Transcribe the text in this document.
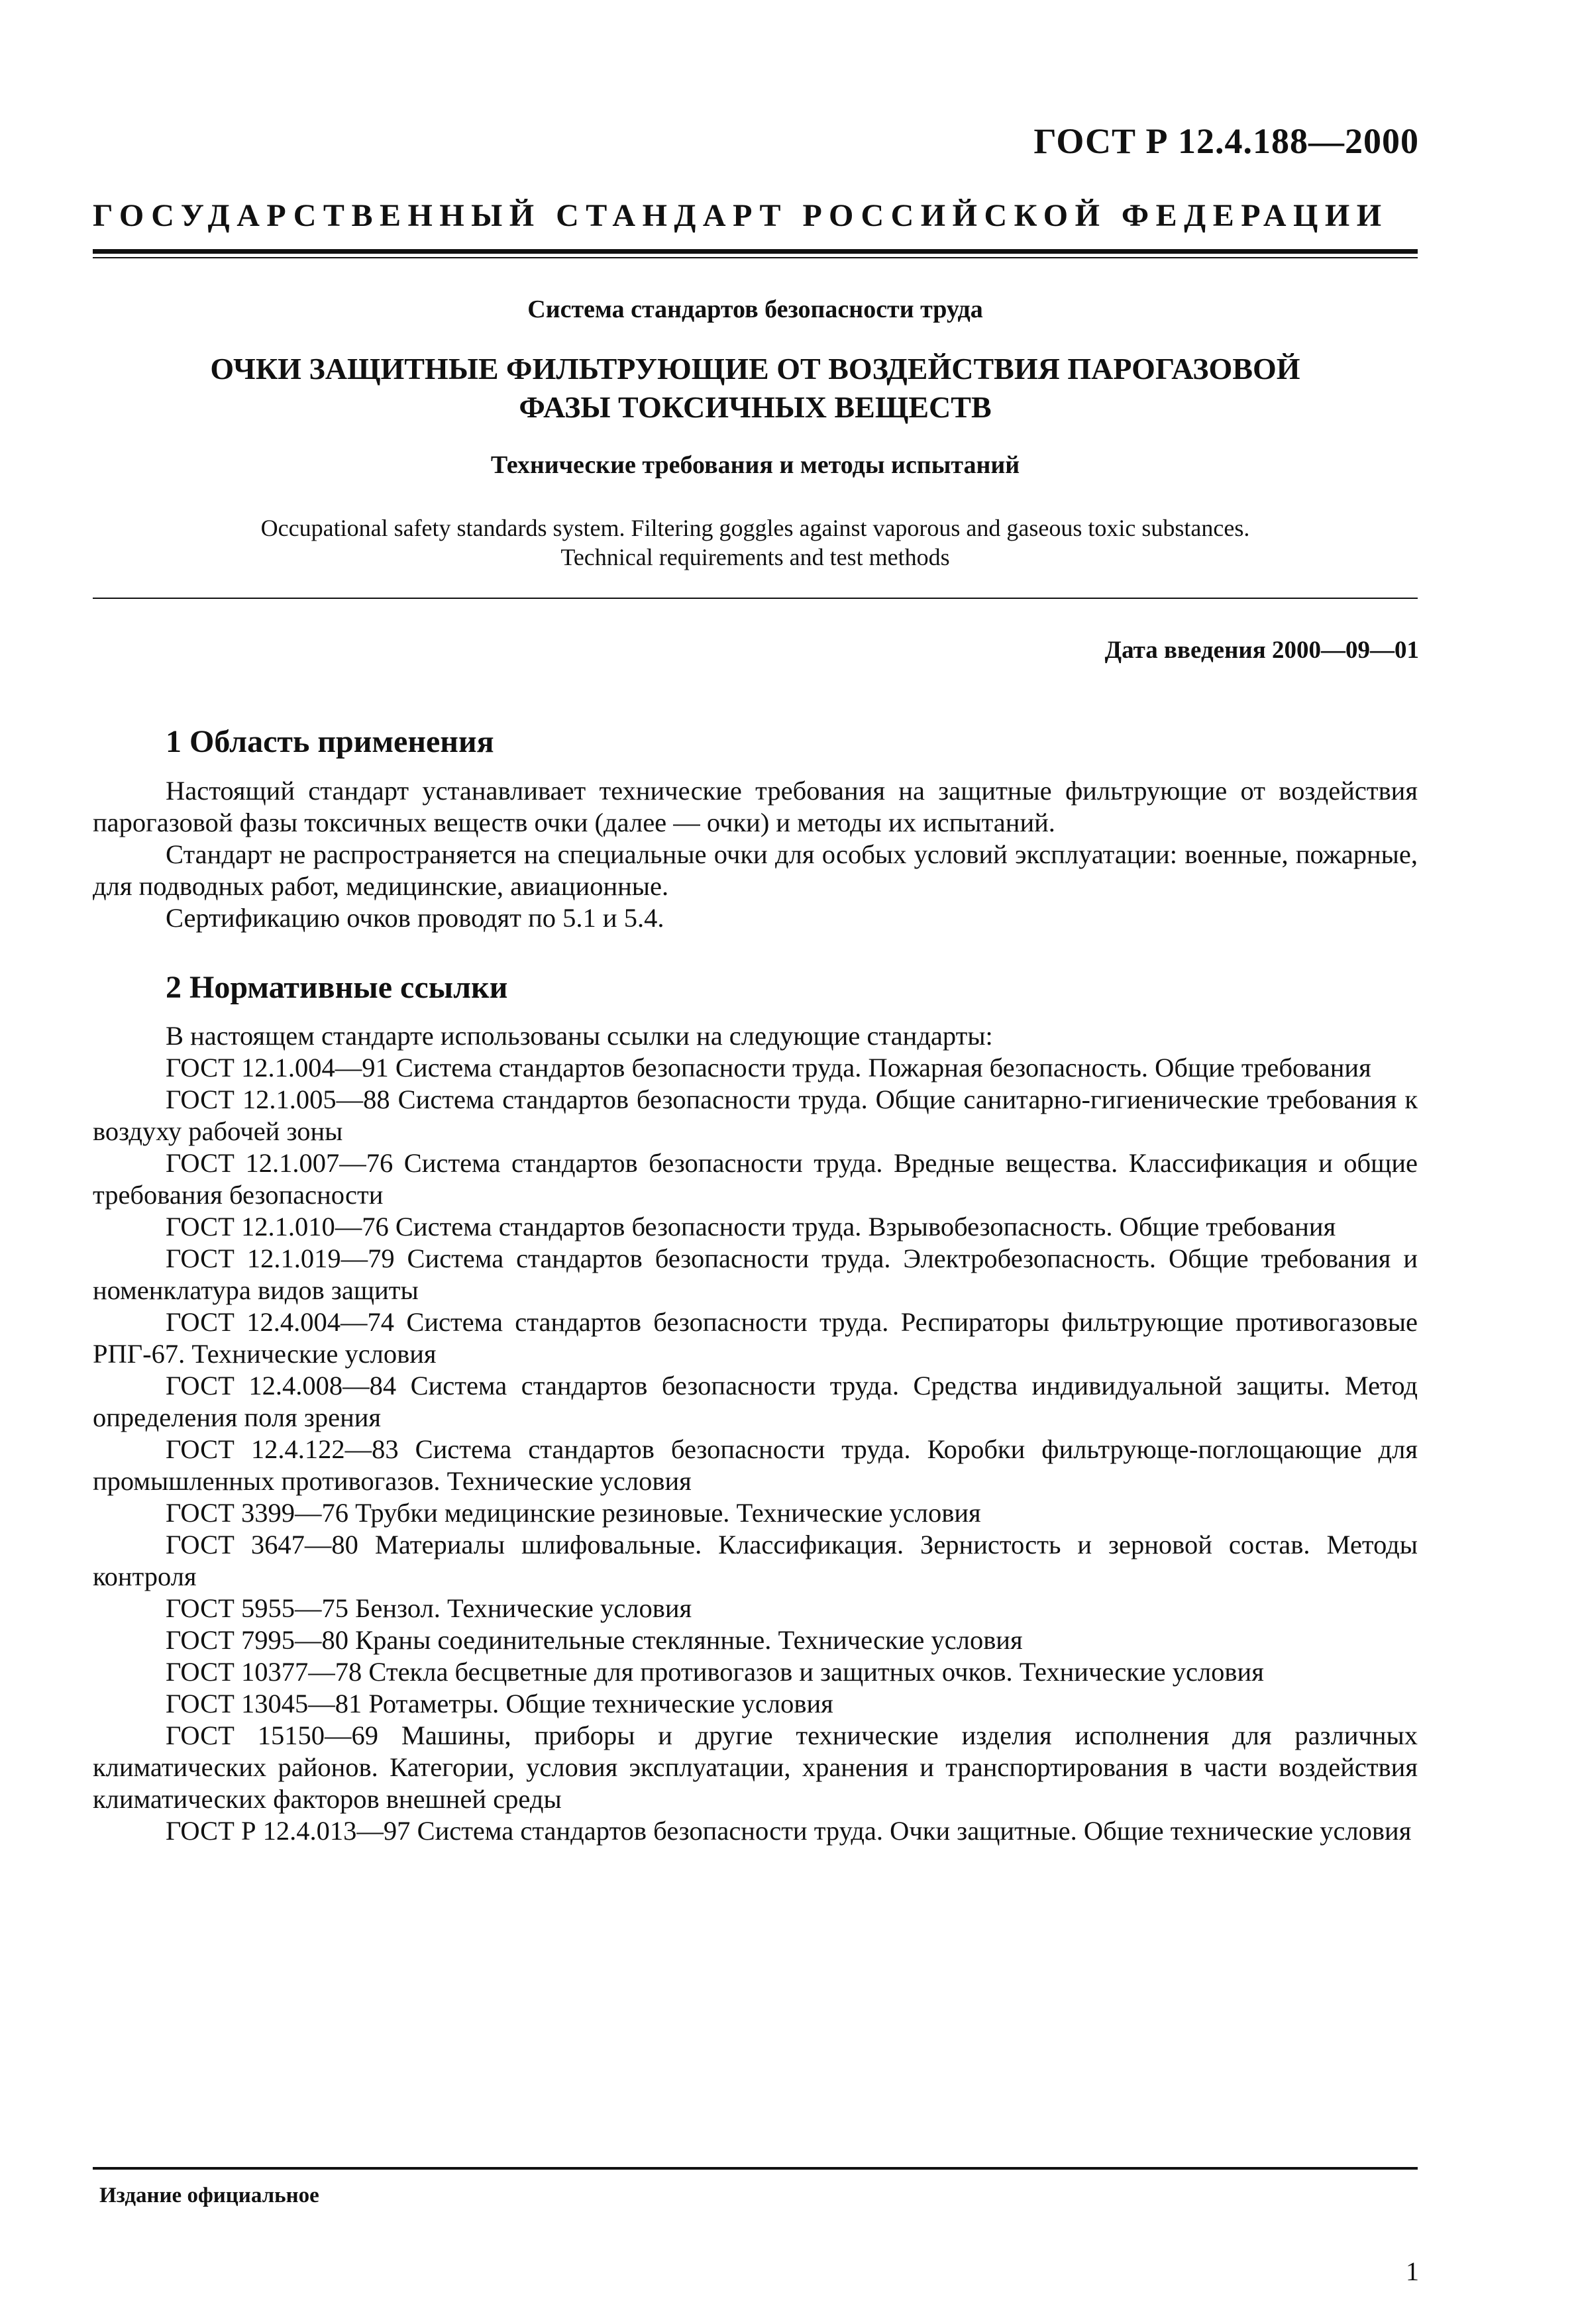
ГОСТ Р 12.4.188—2000
ГОСУДАРСТВЕННЫЙ СТАНДАРТ РОССИЙСКОЙ ФЕДЕРАЦИИ
Система стандартов безопасности труда
ОЧКИ ЗАЩИТНЫЕ ФИЛЬТРУЮЩИЕ ОТ ВОЗДЕЙСТВИЯ ПАРОГАЗОВОЙ
ФАЗЫ ТОКСИЧНЫХ ВЕЩЕСТВ
Технические требования и методы испытаний
Occupational safety standards system. Filtering goggles against vaporous and gaseous toxic substances.
Technical requirements and test methods
Дата введения 2000—09—01
1 Область применения

Настоящий стандарт устанавливает технические требования на защитные фильтрующие от воздействия парогазовой фазы токсичных веществ очки (далее — очки) и методы их испытаний.

Стандарт не распространяется на специальные очки для особых условий эксплуатации: военные, пожарные, для подводных работ, медицинские, авиационные.

Сертификацию очков проводят по 5.1 и 5.4.

2 Нормативные ссылки

В настоящем стандарте использованы ссылки на следующие стандарты:

ГОСТ 12.1.004—91 Система стандартов безопасности труда. Пожарная безопасность. Общие требования

ГОСТ 12.1.005—88 Система стандартов безопасности труда. Общие санитарно-гигиенические требования к воздуху рабочей зоны

ГОСТ 12.1.007—76 Система стандартов безопасности труда. Вредные вещества. Классификация и общие требования безопасности

ГОСТ 12.1.010—76 Система стандартов безопасности труда. Взрывобезопасность. Общие требования

ГОСТ 12.1.019—79 Система стандартов безопасности труда. Электробезопасность. Общие требования и номенклатура видов защиты

ГОСТ 12.4.004—74 Система стандартов безопасности труда. Респираторы фильтрующие противогазовые РПГ-67. Технические условия

ГОСТ 12.4.008—84 Система стандартов безопасности труда. Средства индивидуальной защиты. Метод определения поля зрения

ГОСТ 12.4.122—83 Система стандартов безопасности труда. Коробки фильтрующе-поглощающие для промышленных противогазов. Технические условия

ГОСТ 3399—76 Трубки медицинские резиновые. Технические условия

ГОСТ 3647—80 Материалы шлифовальные. Классификация. Зернистость и зерновой состав. Методы контроля

ГОСТ 5955—75 Бензол. Технические условия

ГОСТ 7995—80 Краны соединительные стеклянные. Технические условия

ГОСТ 10377—78 Стекла бесцветные для противогазов и защитных очков. Технические условия

ГОСТ 13045—81 Ротаметры. Общие технические условия

ГОСТ 15150—69 Машины, приборы и другие технические изделия исполнения для различных климатических районов. Категории, условия эксплуатации, хранения и транспортирования в части воздействия климатических факторов внешней среды

ГОСТ Р 12.4.013—97 Система стандартов безопасности труда. Очки защитные. Общие технические условия

Издание официальное
1
